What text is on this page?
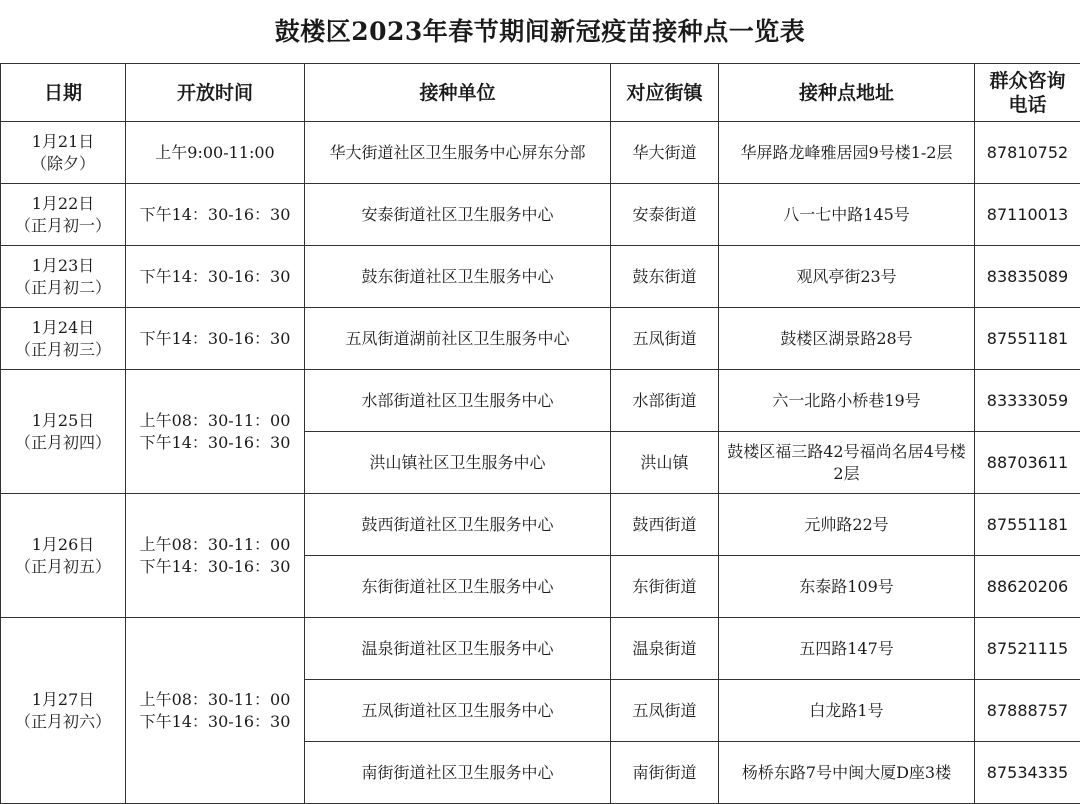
鼓楼区2023年春节期间新冠疫苗接种点一览表
日期	开放时间	接种单位	对应街镇	接种点地址	群众咨询
电话

1月21日
（除夕）	上午9:00-11:00	华大街道社区卫生服务中心屏东分部	华大街道	华屏路龙峰雅居园9号楼1-2层	87810752

1月22日
（正月初一）	下午14：30-16：30	安泰街道社区卫生服务中心	安泰街道	八一七中路145号	87110013

1月23日
（正月初二）	下午14：30-16：30	鼓东街道社区卫生服务中心	鼓东街道	观风亭街23号	83835089

1月24日
（正月初三）	下午14：30-16：30	五凤街道湖前社区卫生服务中心	五凤街道	鼓楼区湖景路28号	87551181

1月25日
（正月初四）	上午08：30-11：00
下午14：30-16：30	水部街道社区卫生服务中心	水部街道	六一北路小桥巷19号	83333059
		洪山镇社区卫生服务中心	洪山镇	鼓楼区福三路42号福尚名居4号楼2层	88703611

1月26日
（正月初五）	上午08：30-11：00
下午14：30-16：30	鼓西街道社区卫生服务中心	鼓西街道	元帅路22号	87551181
		东街街道社区卫生服务中心	东街街道	东泰路109号	88620206

1月27日
（正月初六）	上午08：30-11：00
下午14：30-16：30	温泉街道社区卫生服务中心	温泉街道	五四路147号	87521115
		五凤街道社区卫生服务中心	五凤街道	白龙路1号	87888757
		南街街道社区卫生服务中心	南街街道	杨桥东路7号中闽大厦D座3楼	87534335
